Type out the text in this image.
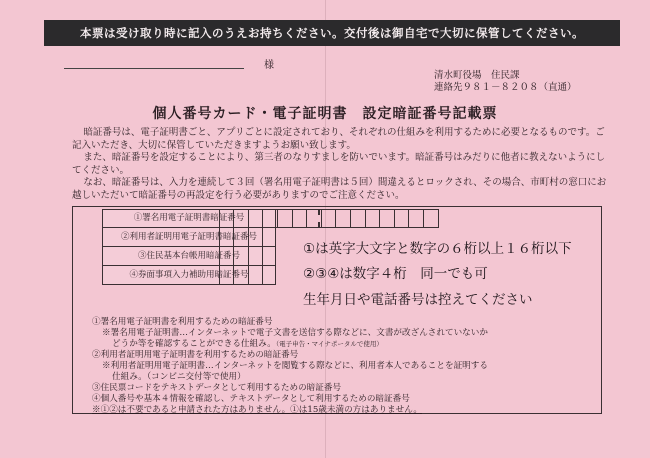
本票は受け取り時に記入のうえお持ちください。交付後は御自宅で大切に保管してください。
様
清水町役場　住民課
連絡先９８１－８２０８（直通）
個人番号カード・電子証明書　設定暗証番号記載票

暗証番号は、電子証明書ごと、アプリごとに設定されており、それぞれの仕組みを利用するために必要となるものです。ご記入いただき、大切に保管していただきますようお願い致します。

また、暗証番号を設定することにより、第三者のなりすましを防いでいます。暗証番号はみだりに他者に教えないようにしてください。

なお、暗証番号は、入力を連続して３回（署名用電子証明書は５回）間違えるとロックされ、その場合、市町村の窓口にお越しいただいて暗証番号の再設定を行う必要がありますのでご注意ください。

①署名用電子証明書暗証番号
②利用者証明用電子証明書暗証番号
③住民基本台帳用暗証番号
④券面事項入力補助用暗証番号
①は英字大文字と数字の６桁以上１６桁以下
②③④は数字４桁　同一でも可
生年月日や電話番号は控えてください
①署名用電子証明書を利用するための暗証番号
※署名用電子証明書…インターネットで電子文書を送信する際などに、文書が改ざんされていないか
どうか等を確認することができる仕組み。（電子申告・マイナポータルで使用）
②利用者証明用電子証明書を利用するための暗証番号
※利用者証明用電子証明書…インターネットを閲覧する際などに、利用者本人であることを証明する
仕組み。（コンビニ交付等で使用）
③住民票コードをテキストデータとして利用するための暗証番号
④個人番号や基本４情報を確認し、テキストデータとして利用するための暗証番号
※①②は不要であると申請された方はありません。①は15歳未満の方はありません。
